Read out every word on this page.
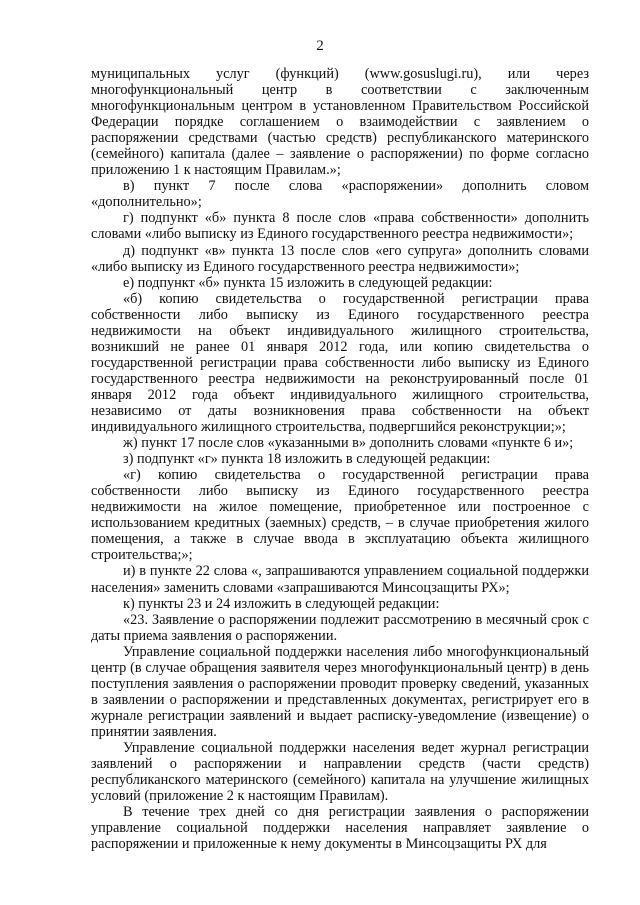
2

муниципальных услуг (функций) (www.gosuslugi.ru), или через многофункциональный центр в соответствии с заключенным многофункциональным центром в установленном Правительством Российской Федерации порядке соглашением о взаимодействии с заявлением о распоряжении средствами (частью средств) республиканского материнского (семейного) капитала (далее – заявление о распоряжении) по форме согласно приложению 1 к настоящим Правилам.»;

в) пункт 7 после слова «распоряжении» дополнить словом «дополнительно»;

г) подпункт «б» пункта 8 после слов «права собственности» дополнить словами «либо выписку из Единого государственного реестра недвижимости»;

д) подпункт «в» пункта 13 после слов «его супруга» дополнить словами «либо выписку из Единого государственного реестра недвижимости»;

е) подпункт «б» пункта 15 изложить в следующей редакции:

«б) копию свидетельства о государственной регистрации права собственности либо выписку из Единого государственного реестра недвижимости на объект индивидуального жилищного строительства, возникший не ранее 01 января 2012 года, или копию свидетельства о государственной регистрации права собственности либо выписку из Единого государственного реестра недвижимости на реконструированный после 01 января 2012 года объект индивидуального жилищного строительства, независимо от даты возникновения права собственности на объект индивидуального жилищного строительства, подвергшийся реконструкции;»;

ж) пункт 17 после слов «указанными в» дополнить словами «пункте 6 и»;

з) подпункт «г» пункта 18 изложить в следующей редакции:

«г) копию свидетельства о государственной регистрации права собственности либо выписку из Единого государственного реестра недвижимости на жилое помещение, приобретенное или построенное с использованием кредитных (заемных) средств, – в случае приобретения жилого помещения, а также в случае ввода в эксплуатацию объекта жилищного строительства;»;

и) в пункте 22 слова «, запрашиваются управлением социальной поддержки населения» заменить словами «запрашиваются Минсоцзащиты РХ»;

к) пункты 23 и 24 изложить в следующей редакции:

«23. Заявление о распоряжении подлежит рассмотрению в месячный срок с даты приема заявления о распоряжении.

Управление социальной поддержки населения либо многофункциональный центр (в случае обращения заявителя через многофункциональный центр) в день поступления заявления о распоряжении проводит проверку сведений, указанных в заявлении о распоряжении и представленных документах, регистрирует его в журнале регистрации заявлений и выдает расписку-уведомление (извещение) о принятии заявления.

Управление социальной поддержки населения ведет журнал регистрации заявлений о распоряжении и направлении средств (части средств) республиканского материнского (семейного) капитала на улучшение жилищных условий (приложение 2 к настоящим Правилам).

В течение трех дней со дня регистрации заявления о распоряжении управление социальной поддержки населения направляет заявление о распоряжении и приложенные к нему документы в Минсоцзащиты РХ для
